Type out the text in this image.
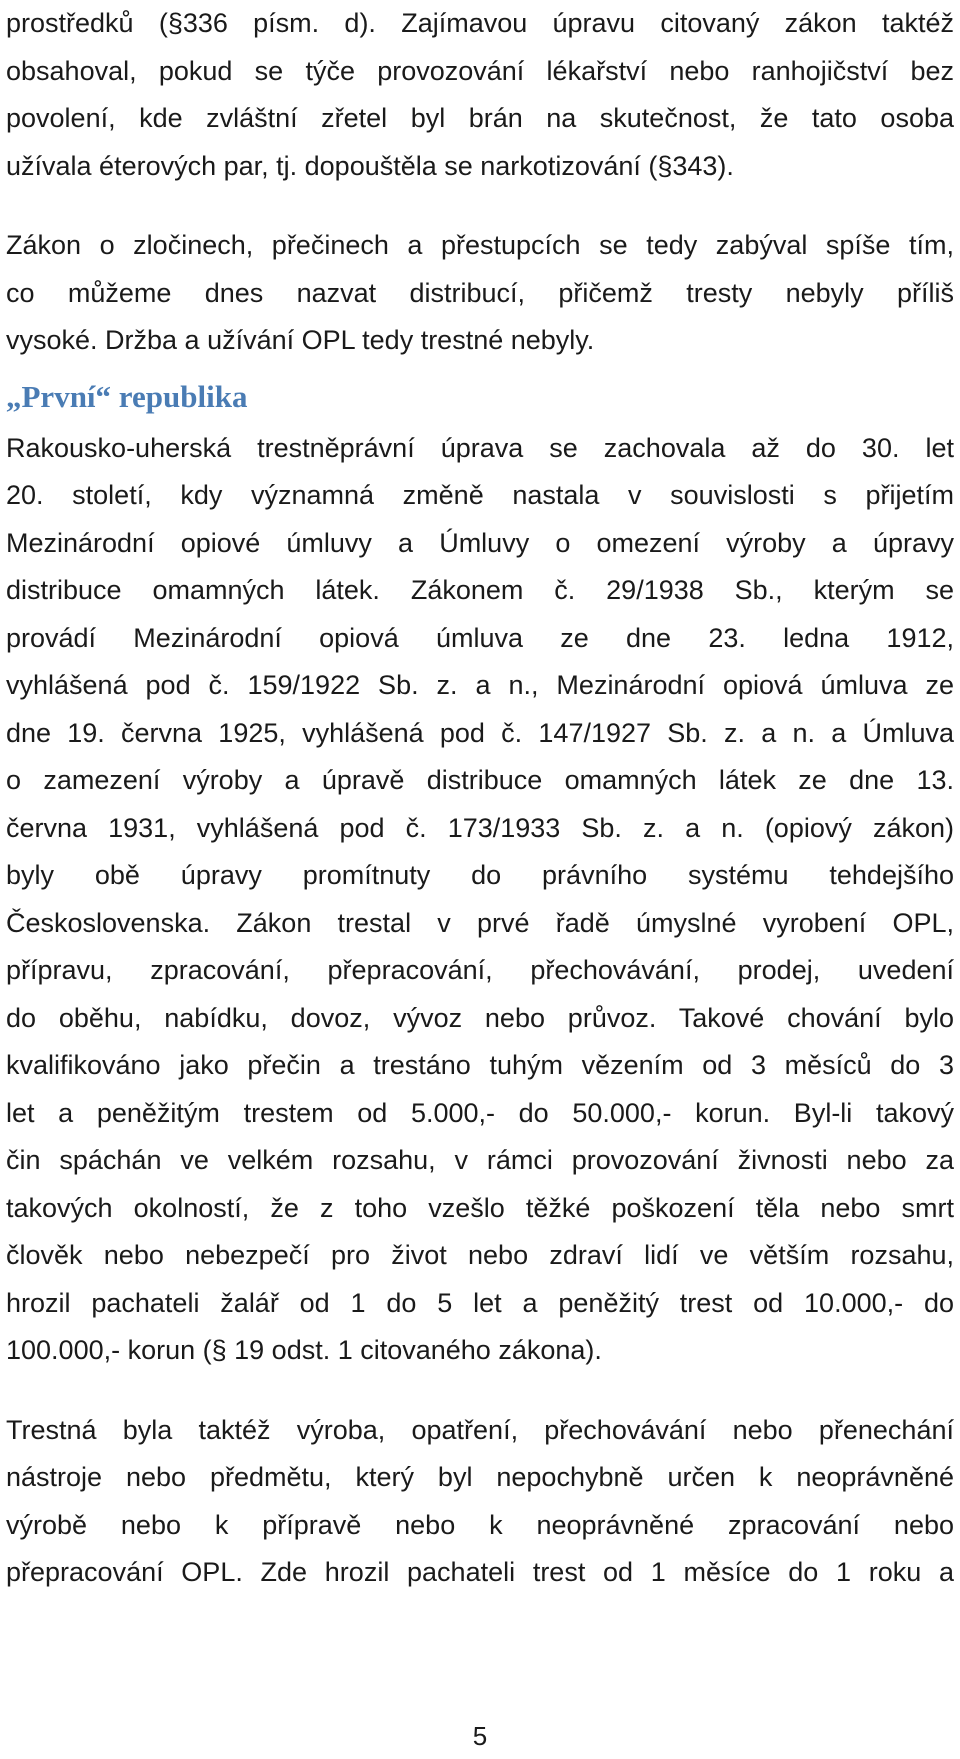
prostředků (§336 písm. d). Zajímavou úpravu citovaný zákon taktéž
obsahoval, pokud se týče provozování lékařství nebo ranhojičství bez
povolení, kde zvláštní zřetel byl brán na skutečnost, že tato osoba
užívala éterových par, tj. dopouštěla se narkotizování (§343).
Zákon o zločinech, přečinech a přestupcích se tedy zabýval spíše tím,
co můžeme dnes nazvat distribucí, přičemž tresty nebyly příliš
vysoké. Držba a užívání OPL tedy trestné nebyly.
„První“ republika
Rakousko-uherská trestněprávní úprava se zachovala až do 30. let
20. století, kdy významná změně nastala v souvislosti s přijetím
Mezinárodní opiové úmluvy a Úmluvy o omezení výroby a úpravy
distribuce omamných látek. Zákonem č. 29/1938 Sb., kterým se
provádí Mezinárodní opiová úmluva ze dne 23. ledna 1912,
vyhlášená pod č. 159/1922 Sb. z. a n., Mezinárodní opiová úmluva ze
dne 19. června 1925, vyhlášená pod č. 147/1927 Sb. z. a n. a Úmluva
o zamezení výroby a úpravě distribuce omamných látek ze dne 13.
června 1931, vyhlášená pod č. 173/1933 Sb. z. a n. (opiový zákon)
byly obě úpravy promítnuty do právního systému tehdejšího
Československa. Zákon trestal v prvé řadě úmyslné vyrobení OPL,
přípravu, zpracování, přepracování, přechovávání, prodej, uvedení
do oběhu, nabídku, dovoz, vývoz nebo průvoz. Takové chování bylo
kvalifikováno jako přečin a trestáno tuhým vězením od 3 měsíců do 3
let a peněžitým trestem od 5.000,- do 50.000,- korun. Byl-li takový
čin spáchán ve velkém rozsahu, v rámci provozování živnosti nebo za
takových okolností, že z toho vzešlo těžké poškození těla nebo smrt
člověk nebo nebezpečí pro život nebo zdraví lidí ve větším rozsahu,
hrozil pachateli žalář od 1 do 5 let a peněžitý trest od 10.000,- do
100.000,- korun (§ 19 odst. 1 citovaného zákona).
Trestná byla taktéž výroba, opatření, přechovávání nebo přenechání
nástroje nebo předmětu, který byl nepochybně určen k neoprávněné
výrobě nebo k přípravě nebo k neoprávněné zpracování nebo
přepracování OPL. Zde hrozil pachateli trest od 1 měsíce do 1 roku a
5
